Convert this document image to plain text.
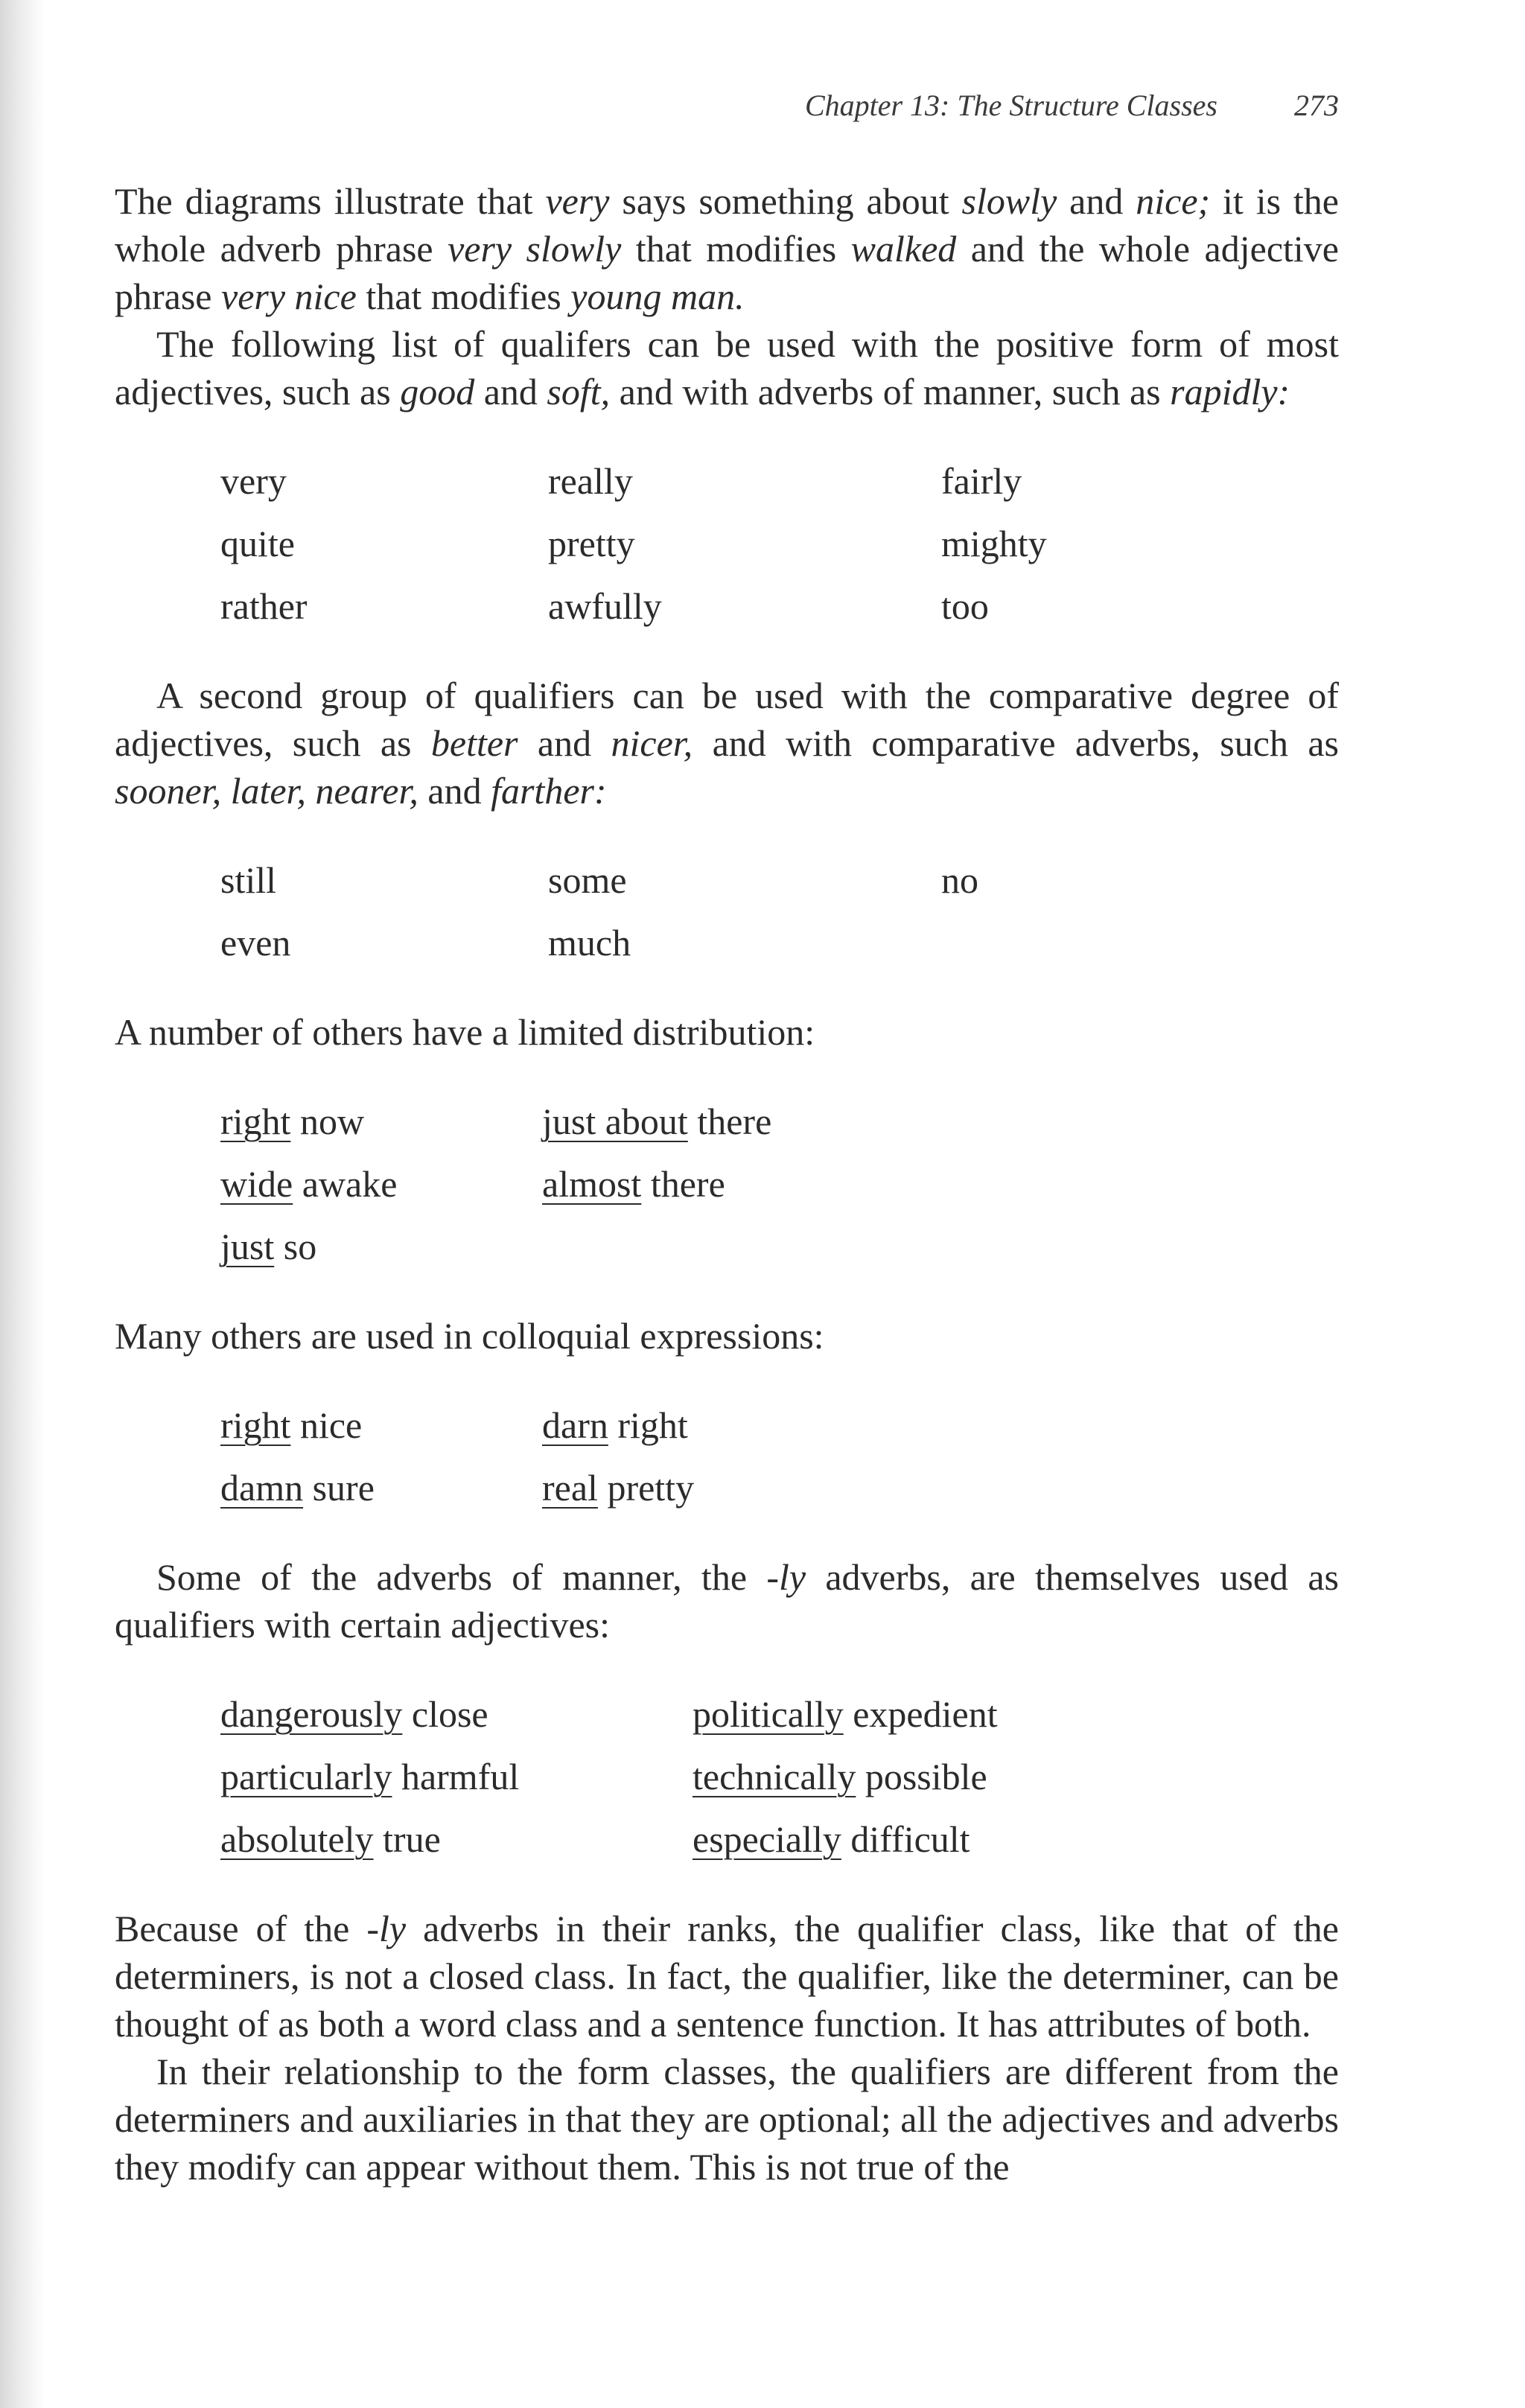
Chapter 13: The Structure Classes	273

The diagrams illustrate that very says something about slowly and nice; it is the whole adverb phrase very slowly that modifies walked and the whole adjective phrase very nice that modifies young man.

The following list of qualifers can be used with the positive form of most adjectives, such as good and soft, and with adverbs of manner, such as rapidly:

very	really	fairly
quite	pretty	mighty
rather	awfully	too

A second group of qualifiers can be used with the comparative degree of adjectives, such as better and nicer, and with comparative adverbs, such as sooner, later, nearer, and farther:

still	some	no
even	much

A number of others have a limited distribution:

right now	just about there
wide awake	almost there
just so

Many others are used in colloquial expressions:

right nice	darn right
damn sure	real pretty

Some of the adverbs of manner, the -ly adverbs, are themselves used as qualifiers with certain adjectives:

dangerously close	politically expedient
particularly harmful	technically possible
absolutely true	especially difficult

Because of the -ly adverbs in their ranks, the qualifier class, like that of the determiners, is not a closed class. In fact, the qualifier, like the determiner, can be thought of as both a word class and a sentence function. It has attributes of both.

In their relationship to the form classes, the qualifiers are different from the determiners and auxiliaries in that they are optional; all the adjectives and adverbs they modify can appear without them. This is not true of the
